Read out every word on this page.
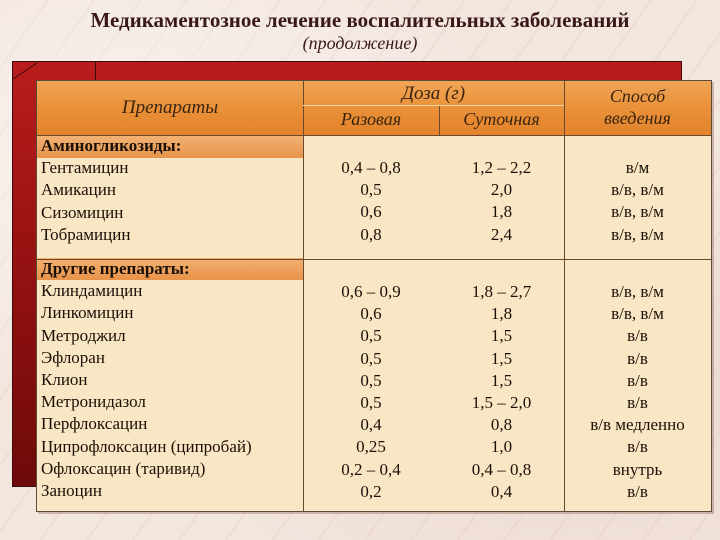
Медикаментозное лечение воспалительных заболеваний
(продолжение)
Препараты
Доза (г)
Разовая	Суточная
Способ
введения
Аминогликозиды:
Гентамицин
Амикацин
Сизомицин
Тобрамицин
0,4 – 0,8
0,5
0,6
0,8
1,2 – 2,2
2,0
1,8
2,4
в/м
в/в, в/м
в/в, в/м
в/в, в/м
Другие препараты:
Клиндамицин
Линкомицин
Метроджил
Эфлоран
Клион
Метронидазол
Перфлоксацин
Ципрофлоксацин (ципробай)
Офлоксацин (таривид)
Заноцин
0,6 – 0,9
0,6
0,5
0,5
0,5
0,5
0,4
0,25
0,2 – 0,4
0,2
1,8 – 2,7
1,8
1,5
1,5
1,5
1,5 – 2,0
0,8
1,0
0,4 – 0,8
0,4
в/в, в/м
в/в, в/м
в/в
в/в
в/в
в/в
в/в медленно
в/в
внутрь
в/в
